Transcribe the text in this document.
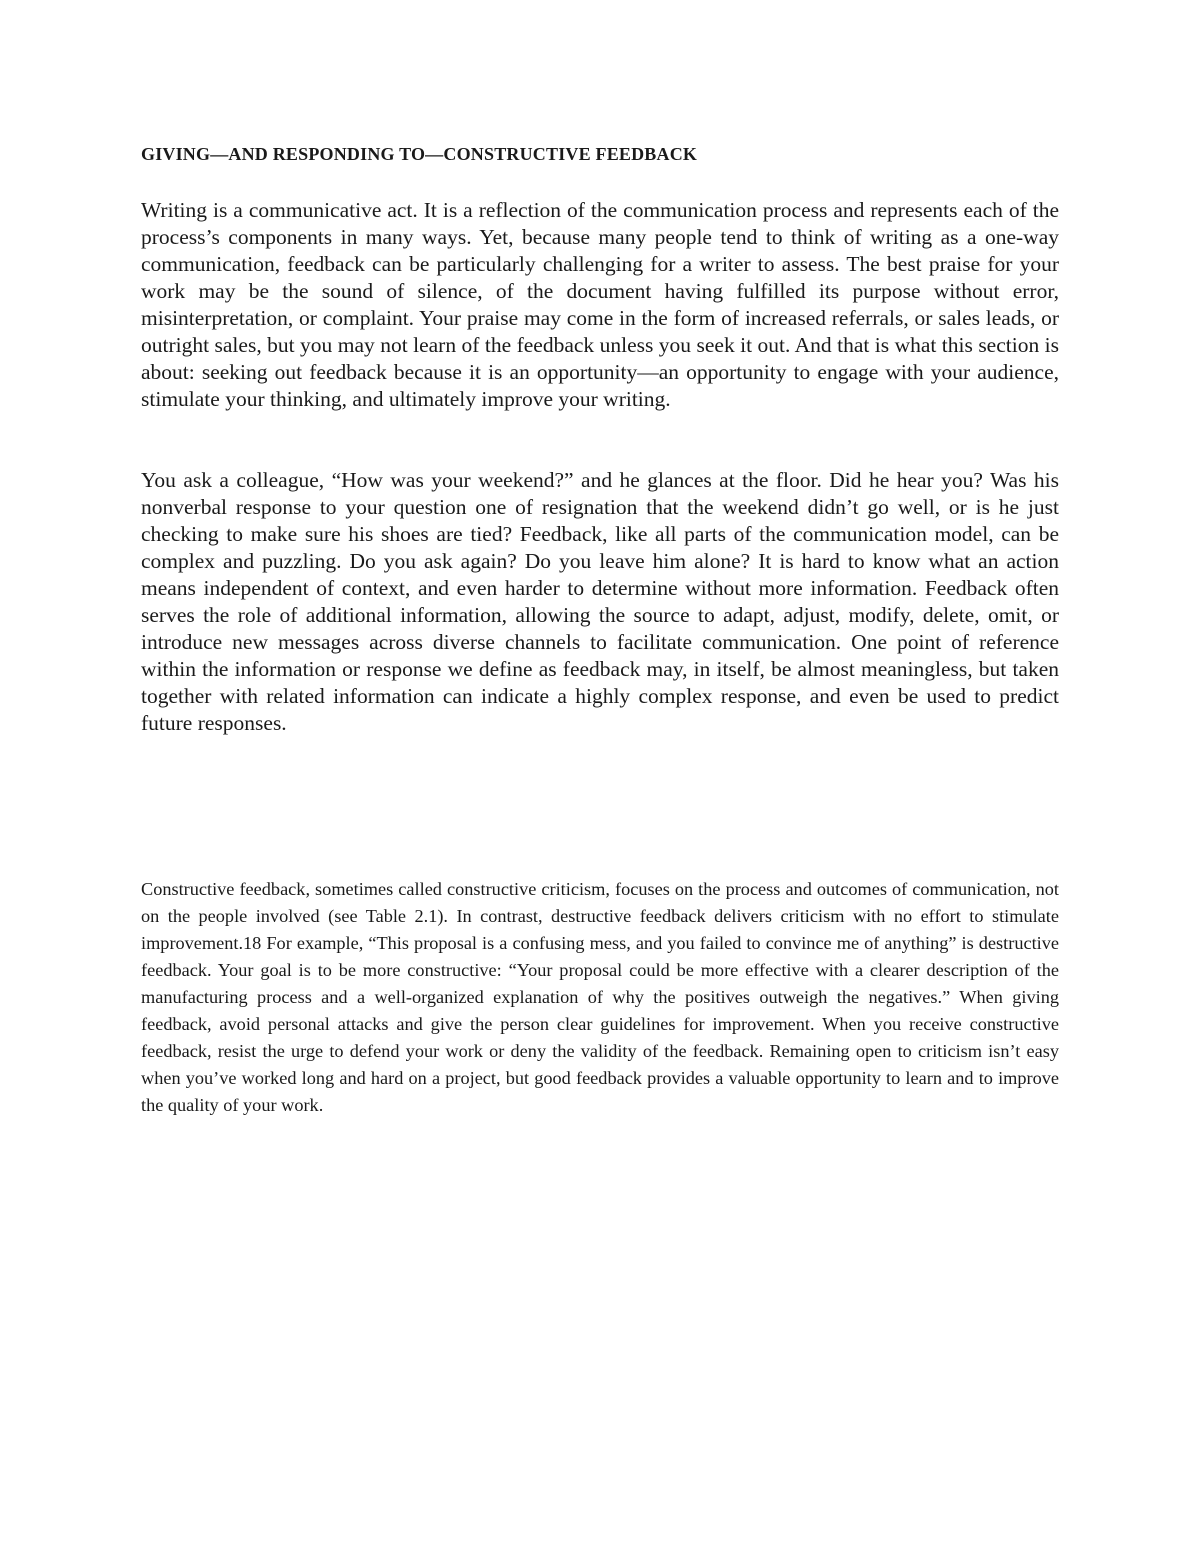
GIVING—AND RESPONDING TO—CONSTRUCTIVE FEEDBACK

Writing is a communicative act. It is a reflection of the communication process and represents each of the process’s components in many ways. Yet, because many people tend to think of writing as a one-way communication, feedback can be particularly challenging for a writer to assess. The best praise for your work may be the sound of silence, of the document having fulfilled its purpose without error, misinterpretation, or complaint. Your praise may come in the form of increased referrals, or sales leads, or outright sales, but you may not learn of the feedback unless you seek it out. And that is what this section is about: seeking out feedback because it is an opportunity—an opportunity to engage with your audience, stimulate your thinking, and ultimately improve your writing.

You ask a colleague, “How was your weekend?” and he glances at the floor. Did he hear you? Was his nonverbal response to your question one of resignation that the weekend didn’t go well, or is he just checking to make sure his shoes are tied? Feedback, like all parts of the communication model, can be complex and puzzling. Do you ask again? Do you leave him alone? It is hard to know what an action means independent of context, and even harder to determine without more information. Feedback often serves the role of additional information, allowing the source to adapt, adjust, modify, delete, omit, or introduce new messages across diverse channels to facilitate communication. One point of reference within the information or response we define as feedback may, in itself, be almost meaningless, but taken together with related information can indicate a highly complex response, and even be used to predict future responses.

Constructive feedback, sometimes called constructive criticism, focuses on the process and outcomes of communication, not on the people involved (see Table 2.1). In contrast, destructive feedback delivers criticism with no effort to stimulate improvement.18 For example, “This proposal is a confusing mess, and you failed to convince me of anything” is destructive feedback. Your goal is to be more constructive: “Your proposal could be more effective with a clearer description of the manufacturing process and a well-organized explanation of why the positives outweigh the negatives.” When giving feedback, avoid personal attacks and give the person clear guidelines for improvement. When you receive constructive feedback, resist the urge to defend your work or deny the validity of the feedback. Remaining open to criticism isn’t easy when you’ve worked long and hard on a project, but good feedback provides a valuable opportunity to learn and to improve the quality of your work.
